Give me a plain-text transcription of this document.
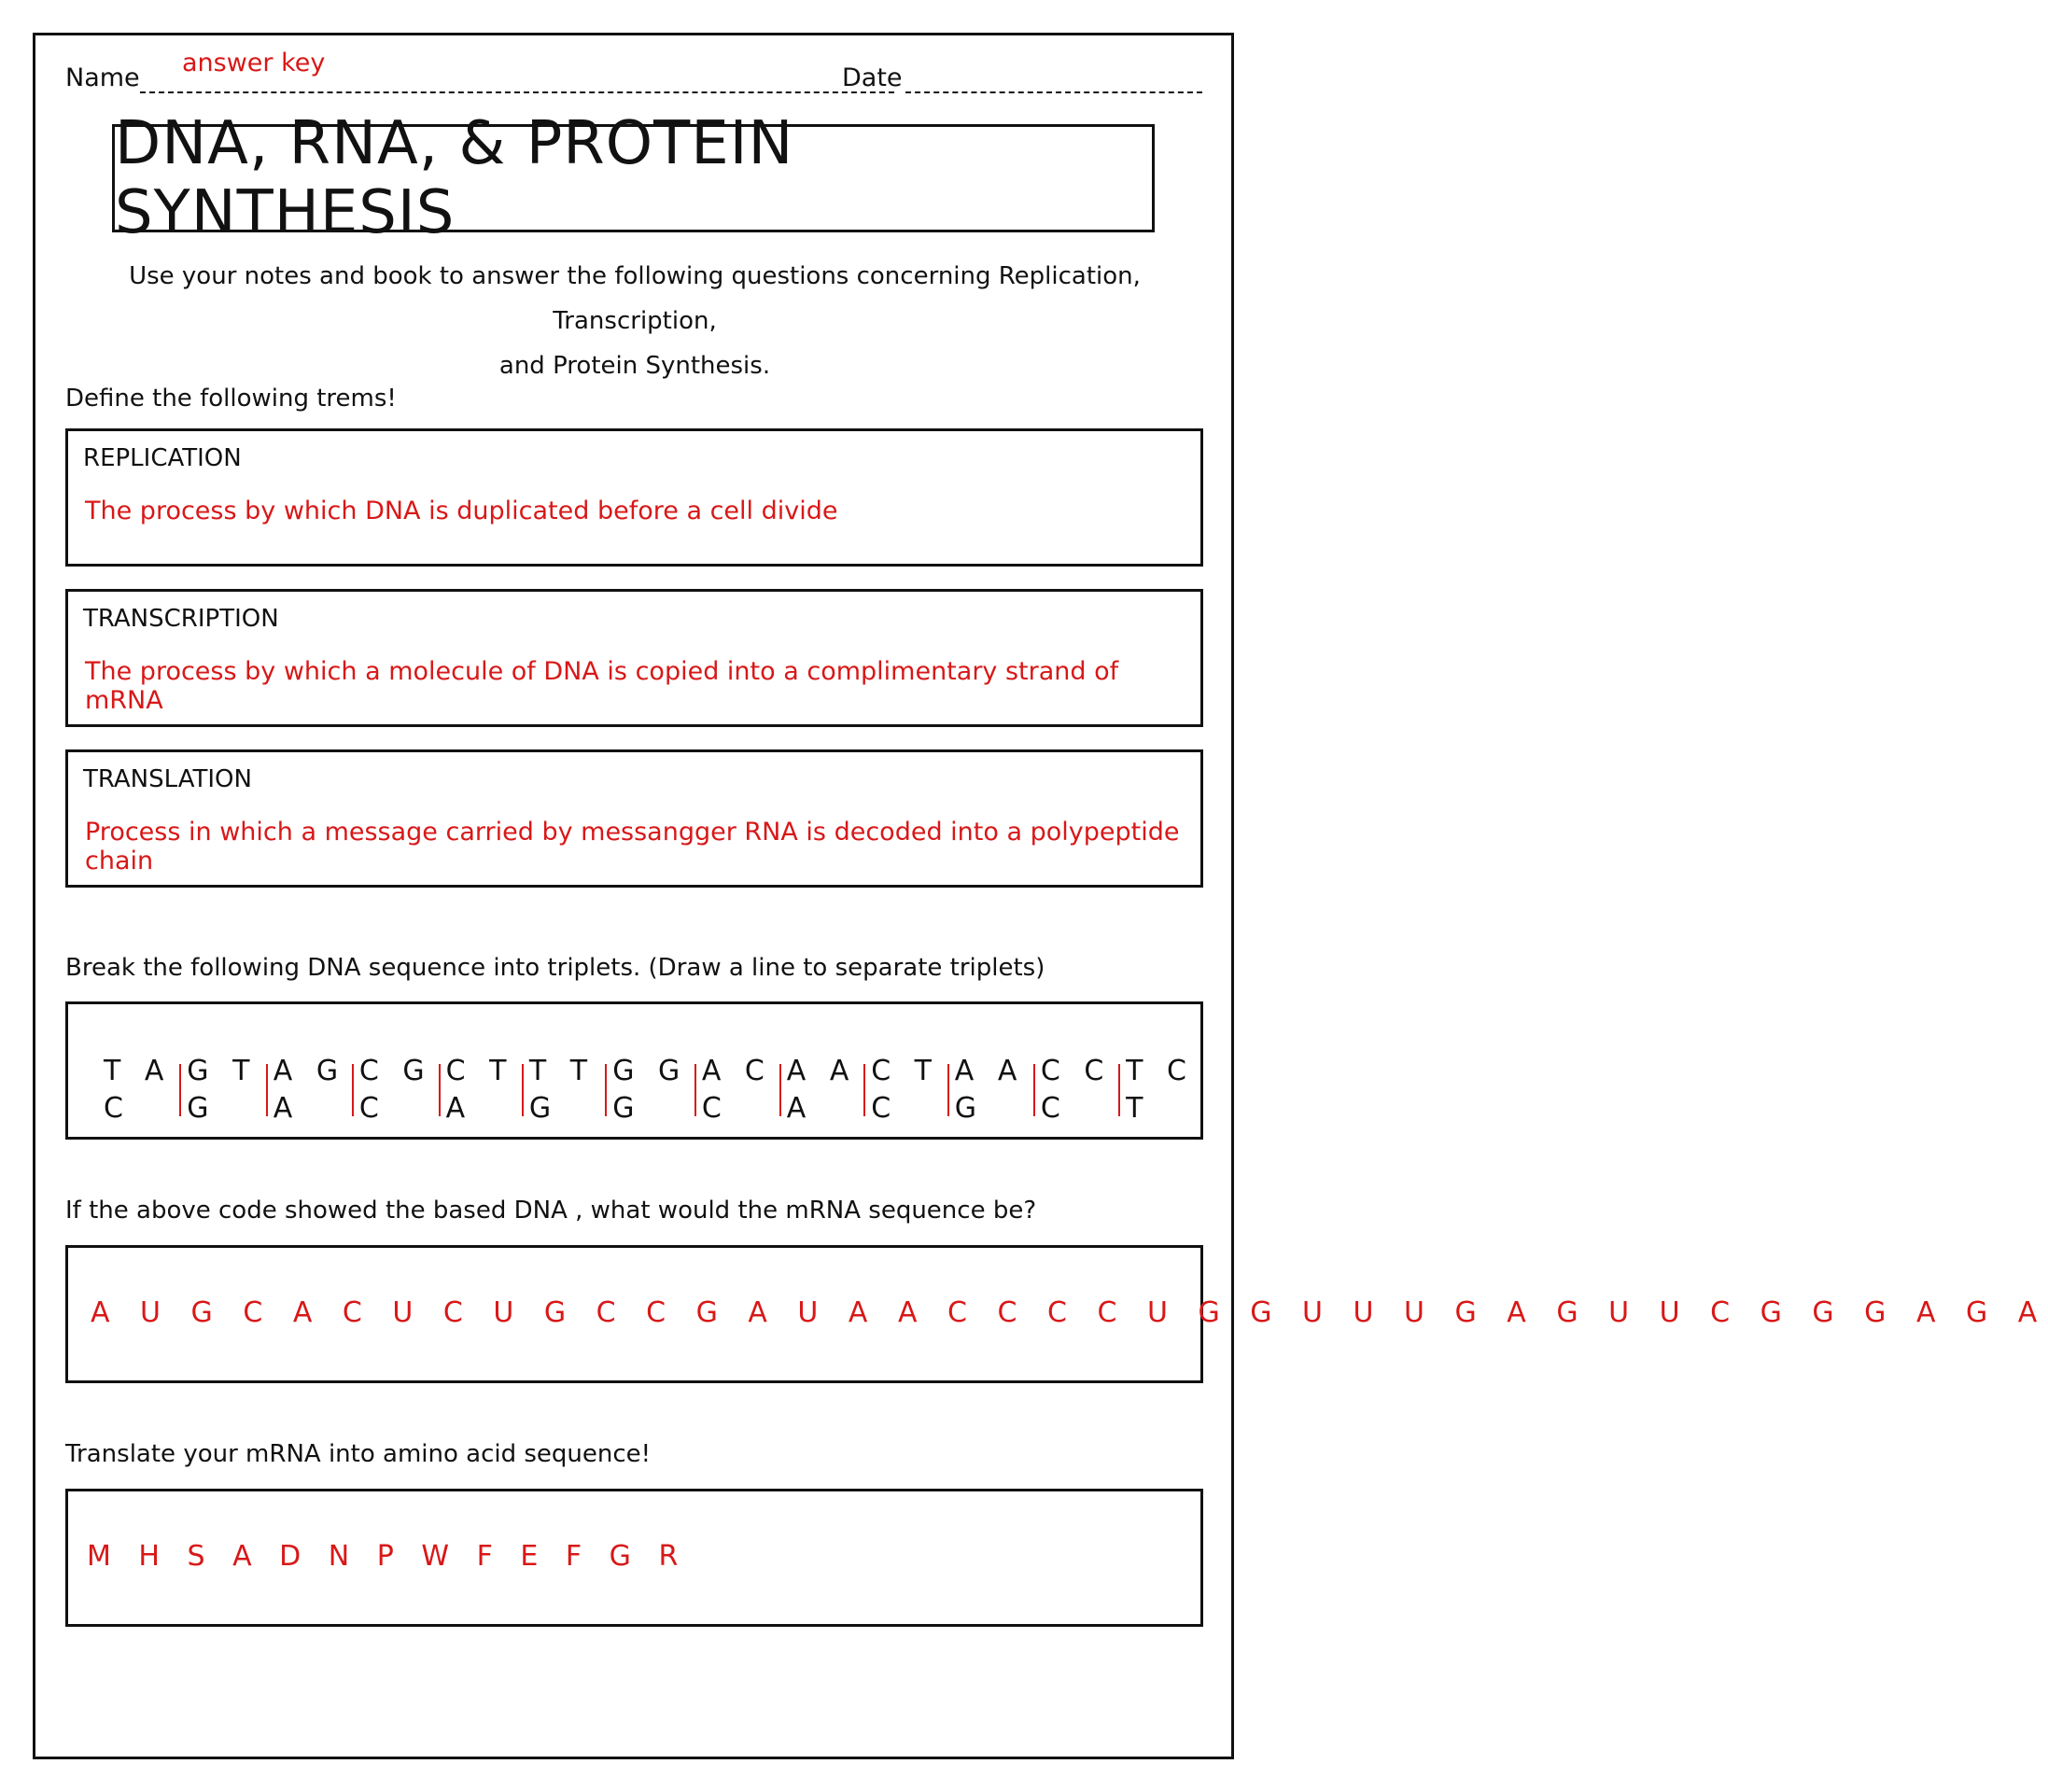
Name
answer key
Date
DNA, RNA, & PROTEIN SYNTHESIS
Use your notes and book to answer the following questions concerning Replication, Transcription,
and Protein Synthesis.
Define the following trems!
REPLICATION
The process by which DNA is duplicated before a cell divide
TRANSCRIPTION
The process by which a molecule of DNA is copied into a complimentary strand of mRNA
TRANSLATION
Process in which a message carried by messangger RNA is decoded into a polypeptide chain
Break the following DNA sequence into triplets. (Draw a line to separate triplets)
T A C
G T G
A G A
C G C
C T A
T T G
G G G
A C C
A A A
C T C
A A G
C C C
T C T
If the above code showed the based DNA , what would the mRNA sequence be?
A U G C A C U C U G C C G A U A A C C C C U G G U U U G A G U U C G G G A G A
Translate your mRNA into amino acid sequence!
M H S A D N P W F E F G R
